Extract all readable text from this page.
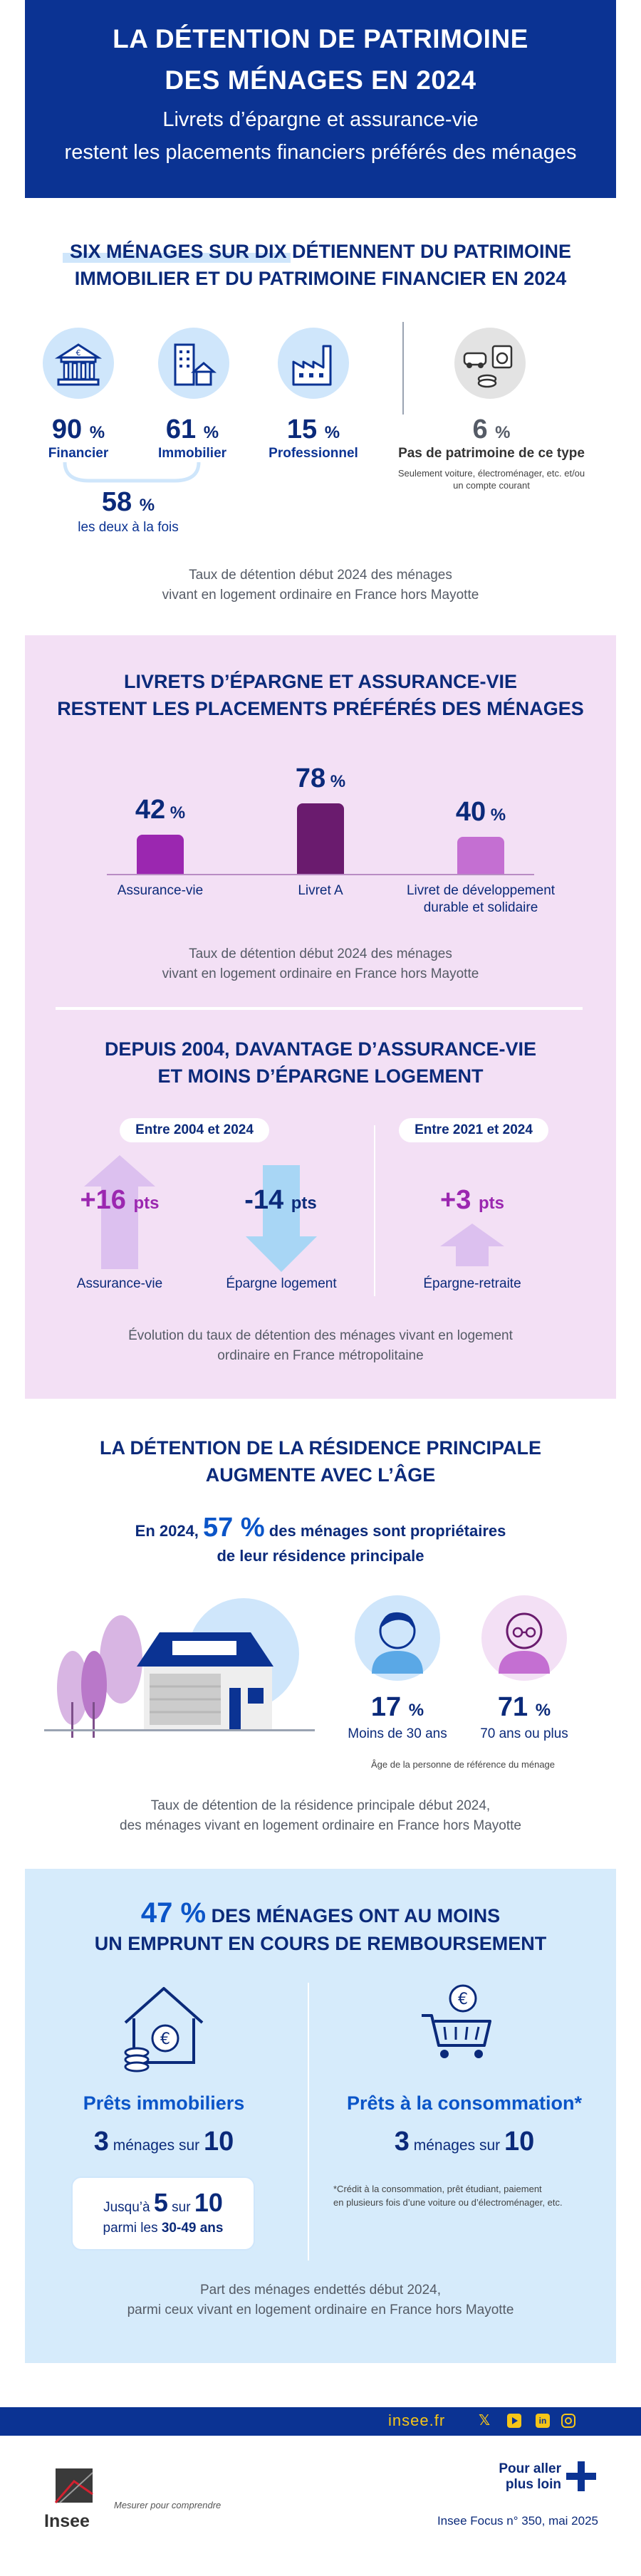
LA DÉTENTION DE PATRIMOINE
DES MÉNAGES EN 2024
Livrets d’épargne et assurance-vie
restent les placements financiers préférés des ménages
SIX MÉNAGES SUR DIX DÉTIENNENT DU PATRIMOINE
IMMOBILIER ET DU PATRIMOINE FINANCIER EN 2024
€
90 %
Financier
61 %
Immobilier
15 %
Professionnel
6 %
Pas de patrimoine de ce type
Seulement voiture, électroménager, etc. et/ou un compte courant
58 %
les deux à la fois
Taux de détention début 2024 des ménages
vivant en logement ordinaire en France hors Mayotte
LIVRETS D’ÉPARGNE ET ASSURANCE-VIE
RESTENT LES PLACEMENTS PRÉFÉRÉS DES MÉNAGES
42 %
Assurance-vie
78 %
Livret A
40 %
Livret de développement
durable et solidaire
Taux de détention début 2024 des ménages
vivant en logement ordinaire en France hors Mayotte
DEPUIS 2004, DAVANTAGE D’ASSURANCE-VIE
ET MOINS D’ÉPARGNE LOGEMENT
Entre 2004 et 2024	Entre 2021 et 2024
+16 pts	-14 pts	+3 pts
Assurance-vie	Épargne logement	Épargne-retraite
Évolution du taux de détention des ménages vivant en logement
ordinaire en France métropolitaine
LA DÉTENTION DE LA RÉSIDENCE PRINCIPALE
AUGMENTE AVEC L’ÂGE
En 2024, 57 % des ménages sont propriétaires
de leur résidence principale
17 %
Moins de 30 ans
71 %
70 ans ou plus
Âge de la personne de référence du ménage
Taux de détention de la résidence principale début 2024,
des ménages vivant en logement ordinaire en France hors Mayotte
47 % DES MÉNAGES ONT AU MOINS
UN EMPRUNT EN COURS DE REMBOURSEMENT
€
€
Prêts immobiliers
3 ménages sur 10
Jusqu’à 5 sur 10
parmi les 30-49 ans
Prêts à la consommation*
3 ménages sur 10
*Crédit à la consommation, prêt étudiant, paiement
en plusieurs fois d’une voiture ou d’électroménager, etc.
Part des ménages endettés début 2024,
parmi ceux vivant en logement ordinaire en France hors Mayotte
insee.fr	𝕏	in
Insee
Mesurer pour comprendre
Pour aller
plus loin
Insee Focus n° 350, mai 2025
